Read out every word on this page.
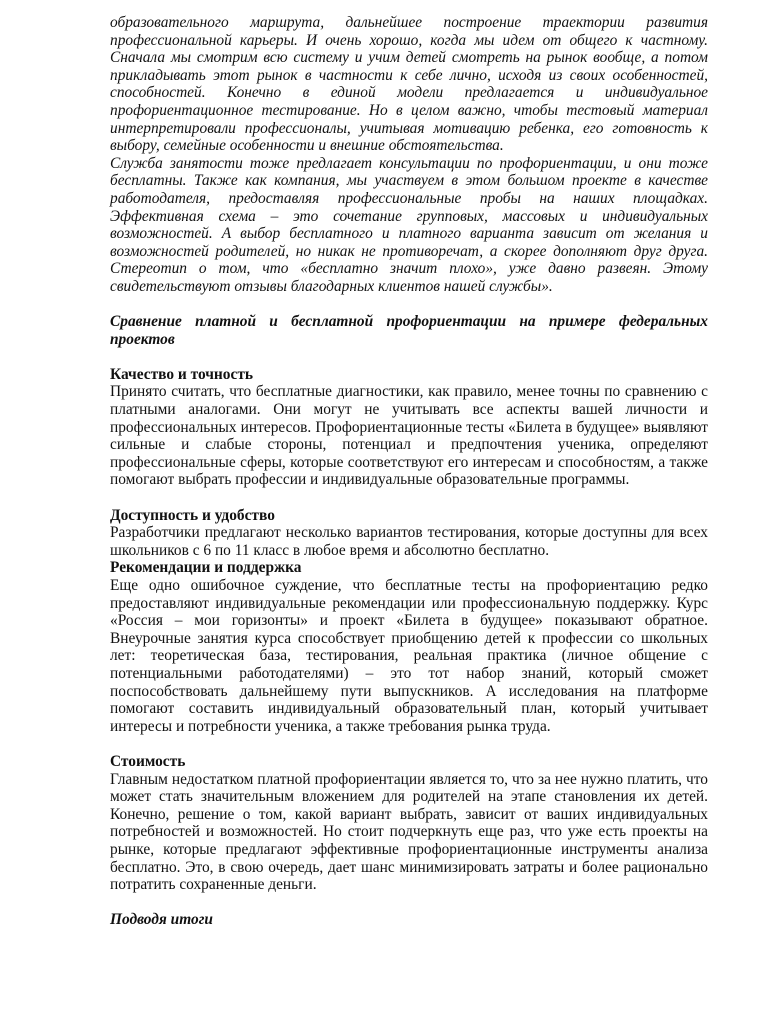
образовательного маршрута, дальнейшее построение траектории развития профессиональной карьеры. И очень хорошо, когда мы идем от общего к частному. Сначала мы смотрим всю систему и учим детей смотреть на рынок вообще, а потом прикладывать этот рынок в частности к себе лично, исходя из своих особенностей, способностей. Конечно в единой модели предлагается и индивидуальное профориентационное тестирование. Но в целом важно, чтобы тестовый материал интерпретировали профессионалы, учитывая мотивацию ребенка, его готовность к выбору, семейные особенности и внешние обстоятельства.

Служба занятости тоже предлагает консультации по профориентации, и они тоже бесплатны. Также как компания, мы участвуем в этом большом проекте в качестве работодателя, предоставляя профессиональные пробы на наших площадках. Эффективная схема – это сочетание групповых, массовых и индивидуальных возможностей. А выбор бесплатного и платного варианта зависит от желания и возможностей родителей, но никак не противоречат, а скорее дополняют друг друга. Стереотип о том, что «бесплатно значит плохо», уже давно развеян. Этому свидетельствуют отзывы благодарных клиентов нашей службы».

Сравнение платной и бесплатной профориентации на примере федеральных проектов

Качество и точность

Принято считать, что бесплатные диагностики, как правило, менее точны по сравнению с платными аналогами. Они могут не учитывать все аспекты вашей личности и профессиональных интересов. Профориентационные тесты «Билета в будущее» выявляют сильные и слабые стороны, потенциал и предпочтения ученика, определяют профессиональные сферы, которые соответствуют его интересам и способностям, а также помогают выбрать профессии и индивидуальные образовательные программы.

Доступность и удобство

Разработчики предлагают несколько вариантов тестирования, которые доступны для всех школьников с 6 по 11 класс в любое время и абсолютно бесплатно.

Рекомендации и поддержка

Еще одно ошибочное суждение, что бесплатные тесты на профориентацию редко предоставляют индивидуальные рекомендации или профессиональную поддержку. Курс «Россия – мои горизонты» и проект «Билета в будущее» показывают обратное. Внеурочные занятия курса способствует приобщению детей к профессии со школьных лет: теоретическая база, тестирования, реальная практика (личное общение с потенциальными работодателями) – это тот набор знаний, который сможет поспособствовать дальнейшему пути выпускников. А исследования на платформе помогают составить индивидуальный образовательный план, который учитывает интересы и потребности ученика, а также требования рынка труда.

Стоимость

Главным недостатком платной профориентации является то, что за нее нужно платить, что может стать значительным вложением для родителей на этапе становления их детей. Конечно, решение о том, какой вариант выбрать, зависит от ваших индивидуальных потребностей и возможностей. Но стоит подчеркнуть еще раз, что уже есть проекты на рынке, которые предлагают эффективные профориентационные инструменты анализа бесплатно. Это, в свою очередь, дает шанс минимизировать затраты и более рационально потратить сохраненные деньги.

Подводя итоги
